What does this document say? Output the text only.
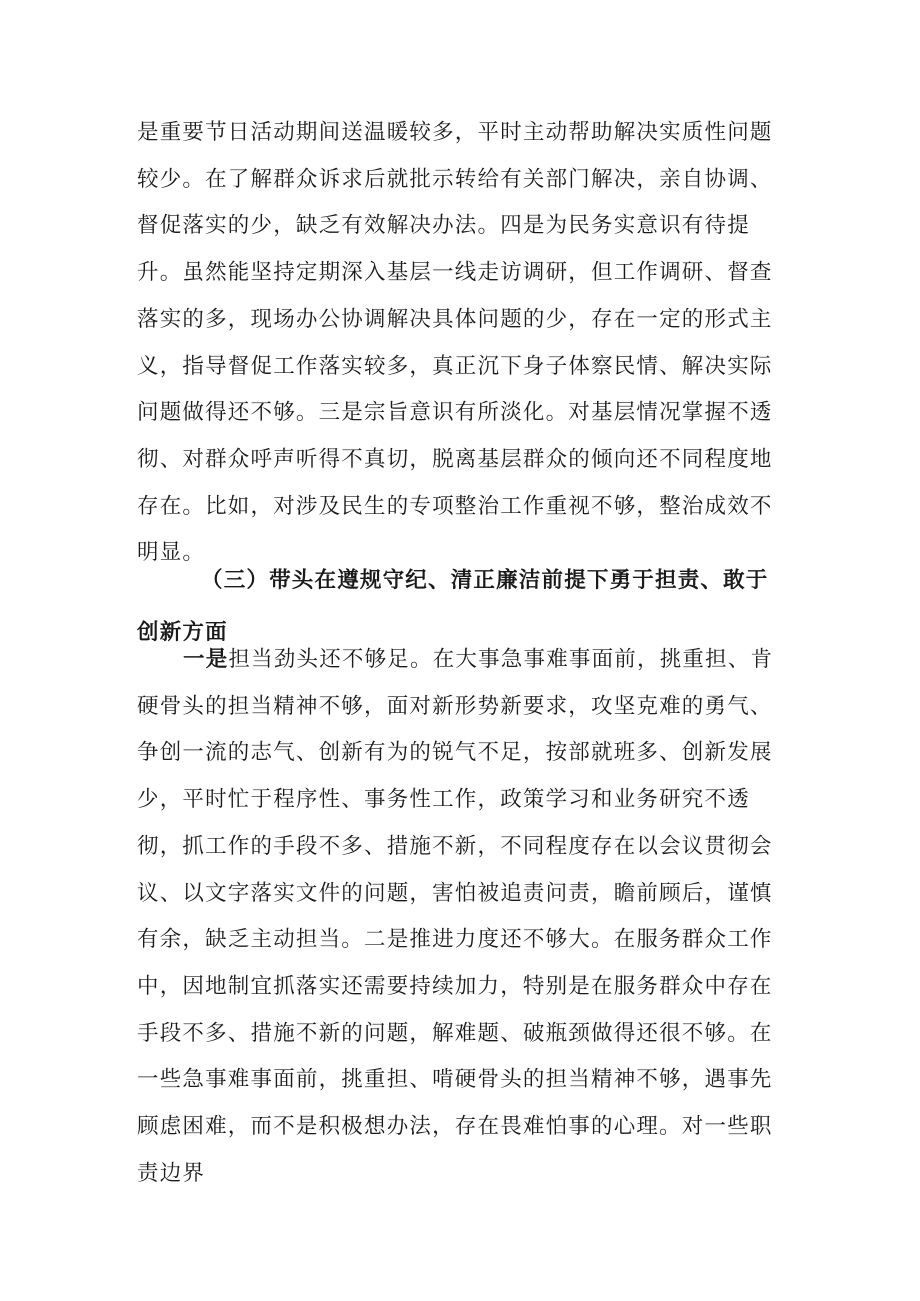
是重要节日活动期间送温暖较多，平时主动帮助解决实质性问题较少。在了解群众诉求后就批示转给有关部门解决，亲自协调、督促落实的少，缺乏有效解决办法。四是为民务实意识有待提升。虽然能坚持定期深入基层一线走访调研，但工作调研、督查落实的多，现场办公协调解决具体问题的少，存在一定的形式主义，指导督促工作落实较多，真正沉下身子体察民情、解决实际问题做得还不够。三是宗旨意识有所淡化。对基层情况掌握不透彻、对群众呼声听得不真切，脱离基层群众的倾向还不同程度地存在。比如，对涉及民生的专项整治工作重视不够，整治成效不明显。
（三）带头在遵规守纪、清正廉洁前提下勇于担责、敢于创新方面
一是担当劲头还不够足。在大事急事难事面前，挑重担、肯硬骨头的担当精神不够，面对新形势新要求，攻坚克难的勇气、争创一流的志气、创新有为的锐气不足，按部就班多、创新发展少，平时忙于程序性、事务性工作，政策学习和业务研究不透彻，抓工作的手段不多、措施不新，不同程度存在以会议贯彻会议、以文字落实文件的问题，害怕被追责问责，瞻前顾后，谨慎有余，缺乏主动担当。二是推进力度还不够大。在服务群众工作中，因地制宜抓落实还需要持续加力，特别是在服务群众中存在手段不多、措施不新的问题，解难题、破瓶颈做得还很不够。在一些急事难事面前，挑重担、啃硬骨头的担当精神不够，遇事先顾虑困难，而不是积极想办法，存在畏难怕事的心理。对一些职责边界
